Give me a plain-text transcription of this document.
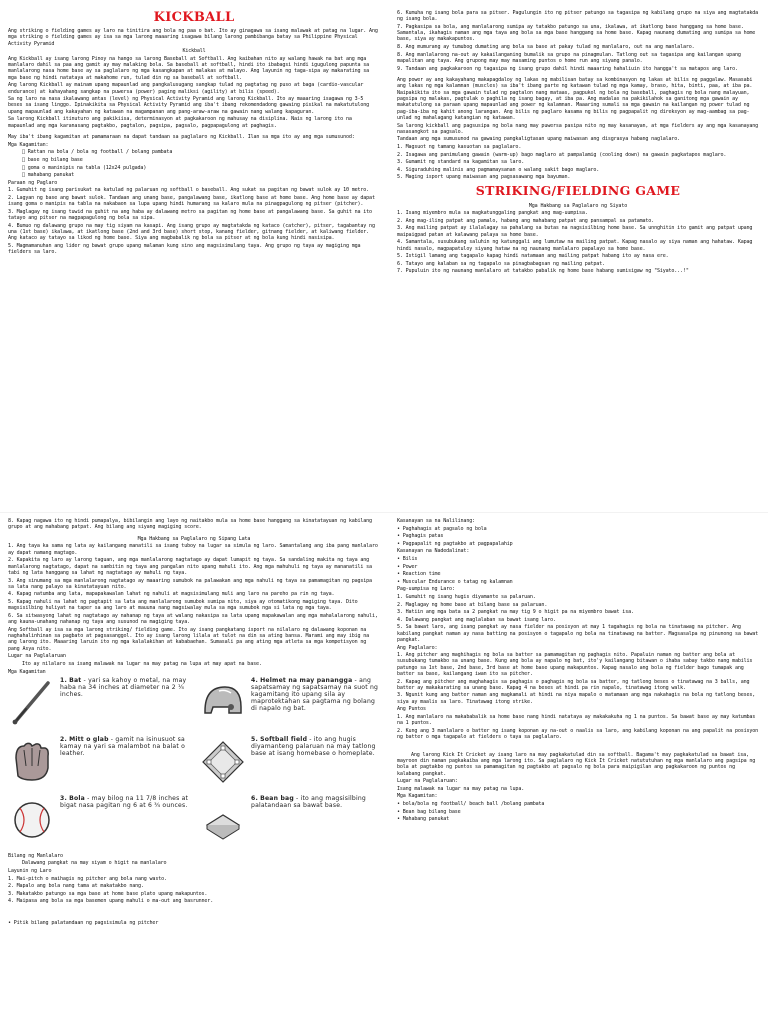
KICKBALL

Ang striking o fielding games ay laro na tinitira ang bola ng paa o bat. Ito ay ginagawa sa isang malawak at patag na lugar. Ang mga striking o fielding games ay isa sa mga larong maaaring isagawa bilang larong pambibanga batay sa Philippine Physical Activity Pyramid

Kickball

Ang Kickball ay isang larong Pinoy na hango sa larong Baseball at Softball. Ang kaibahan nito ay walang hawak na bat ang mga manlalaro dahil sa paa ang gamit ay may malaking bola. Sa baseball at softball, hindi ito ibabagsi hindi igugulong papunta sa manlalarong nasa home base ay sa paglalaro ng mga kasangkapan at malakas at malayo. Ang layunin ng taga-sipa ay makarating sa mga base ng hindi natataya at makahome run, tulad din ng sa baseball at softball.

Ang larong Kickball ay mainam upang mapaunlad ang pangkalusugang sangkap tulad ng pagtatag ng puso at baga (cardio-vascular endurance) at kahayahang sangkap na puwersa (power) paging maliksi (agility) at bilis (speed).

Sa ng laro na nasa ikalawang antas (level) ng Physical Activity Pyramid ang larong Kickball. Ito ay maaaring isagawa ng 3-5 beses sa isang linggo. Ipinakikita sa Physical Activity Pyramid ang iba't ibang rekomendadong gawaing pisikal na makatutulong upang mapaunlad ang kakayahan ng katawan na magampanan ang pang-araw-araw na gawain nang walang kapaguran.

Sa larong Kickball itinuturo ang pakikiisa, determinasyon at pagkakaroon ng mahusay na disiplina. Nais ng larong ito na mapaunlad ang mga karanasang pagtakbo, pagtalon, pagsipa, pagsalo, pagpapagulong at paghagis.

May iba't ibang kagamitan at pamamaraan na dapat tandaan sa paglalaro ng Kickball. Ilan sa mga ito ay ang mga sumusunod:

Mga Kagamitan:

Rattan na bola / bola ng football / bolang pambata

base ng bilang base

goma o maninipis na tabla (12x24 pulgada)

mahabang panukat

Paraan ng Paglaro

1. Gumuhit ng isang parisukat na katulad ng palaruan ng softball o baseball. Ang sukat sa pagitan ng bawat sulok ay 10 metro.

2. Lagyan ng base ang bawat sulok. Tandaan ang unang base, pangalawang base, ikatlong base at home base. Ang home base ay dapat isang goma o manipis na tabla na nakabaon sa lupa upang hindi humarang sa kalaro mula na pinagpagulong ng pitser (pitcher).

3. Maglagay ng isang tuwid na guhit na ang haba ay dalawang metro sa pagitan ng home base at pangalawang base. Sa guhit na ito tatayo ang pitser na magpapagulong ng bola sa sipa.

4. Bumuo ng dalawang grupo na may tig siyam na kasapi. Ang isang grupo ay magtatakda ng kataco (catcher), pitser, tagabantay ng una (1st base) ikalawa, at ikatlong base (2nd and 3rd base) short stop, kanang fielder, gitnang fielder, at kaliwang fielder. Ang kataco ay tatayo sa likod ng home base. Siya ang magbabalik ng bola sa pitser at ng bola kung hindi nasisipa.

5. Magmamanuhan ang lider ng bawat grupo upang malaman kung sino ang magsisimulang taya. Ang grupo ng taya ay magiging mga fielders sa laro.

6. Kumuha ng isang bola para sa pitser. Pagulungin ito ng pitser patungo sa tagasipa ng kabilang grupo na siya ang magtatakda ng isang bola.

7. Pagkasipa sa bola, ang manlalarong sumipa ay tatakbo patungo sa una, ikalawa, at ikatlong base hanggang sa home base. Samantala, ikahagis naman ang mga taya ang bola sa mga base hanggang sa home base. Kapag naunang dumating ang sumipa sa home base, siya ay makakapuntos.

8. Ang mumurang ay tumubog dumating ang bola sa base at pakay tulad ng manlalaro, out na ang manlalaro.

8. Ang manlalarong na-out ay kakailanganing bumalik sa grupo na pinagmulan. Tatlong out sa tagasipa ang kailangan upang mapalitan ang taya. Ang grupong may may masaming puntos o home run ang siyang panalo.

9. Tandaan ang pagkakaroon ng tagasipa ng isang grupo dahil hindi maaaring hahaliuin ito hangga't sa matapos ang laro.

Ang power ay ang kakayahang makapagdaloy ng lakas ng mabilisan batay sa kombinasyon ng lakas at bilis ng paggalaw. Masasabi ang lakas ng mga kalamnan (muscles) sa iba't ibang parte ng katawan tulad ng mga kamay, braso, hita, binti, paa, at iba pa. Naipakikita ito sa mga gawain tulad ng pagtalon nang mataas, pagpukol ng bola ng baseball, paghagis ng bola nang malayuan, pagsipa ng malakas, pagtulak o paghila ng isang bagay, at iba pa. Ang madalas na pakikilahok sa ganitong mga gawain ay makatutulong sa paraan upang mapaunlad ang power ng kalamnan. Maaaring sumali sa mga gawain na kailangan ng power tulad ng pag-iba-iba ng kahit anong larangan. Ang bilis ng paglaro kasama ng bilis ng pagpapalit ng direksyon ay mag-aambag sa pag-unlad ng mahalagang katangian ng katawan.

Sa larong kickball ang pagsusipa ng bola nang may puwersa pasipa nito ng may kasanayan, at mga fielders ay ang mga kasanayang nasasangkot sa pagsalo.

Tandaan ang mga sumusunod na gawaing pangkaligtasan upang maiwasan ang disgrasya habang naglalaro.

1. Magsuot ng tamang kasuotan sa paglalaro.

2. Isagawa ang panimulang gawain (warm-up) bago maglaro at pampalamig (cooling down) na gawain pagkatapos maglaro.

3. Gumamit ng standard na kagamitan sa laro.

4. Siguraduhing malinis ang pagmamaysanan o walang sakit bago maglaro.

5. Maging isport upang maiwasan ang pagsasawang mga bayuman.

STRIKING/FIELDING GAME

Mga Hakbang sa Paglalaro ng Siyato

1. Isang miyembro mula sa magkatunggaling pangkat ang mag-uumpisa.

2. Ang mag-iling patpat ang pamalo, habang ang mahabang patpat ang pansampal sa patamato.

3. Ang mailing patpat ay ilalalagay sa pahalang sa butas na nagsisilbing home base. Sa unnghitin ito gamit ang patpat upang maipaigpad patan at kalawang palaya sa home base.

4. Samantala, susubukang saluhin ng katunggali ang lumutaw na mailing patpat. Kapag nasalo ay siya naman ang hahataw. Kapag hindi nasalo, magpapatuloy siyang hataw na ng naunang manlalaro papalayo sa home base.

5. Istigil lamang ang tagapalo kapag hindi natamaan ang mailing patpat habang ito ay nasa ere.

6. Tatayo ang kalaban sa ng tagapalo sa pinagbabagsan ng mailing patpat.

7. Pupuluin ito ng naunang manlalaro at tatakbo pabalik ng home base habang sumisigaw ng "Siyato...!"

8. Kapag nagawa ito ng hindi pumapalya, bibilangin ang layo ng naitakbo mula sa home base hanggang sa kinatatayuan ng kabilang grupo at ang mahabang patpat. Ang bilang ang siyang magiging score.

Mga Hakbang sa Paglalaro ng Sipang Lata

1. Ang taya ka sama ng lata ay kailangang manatili sa isang tuboy na lugar sa simula ng laro. Samantalang ang iba pang manlalaro ay dapat namang magtago.

2. Kapakita ng laro ay larong taguan, ang mga manlalarong nagtatago ay dapat lumapit ng taya. Sa sandaling makita ng taya ang manlalarong nagtatago, dapat na sambitin ng taya ang pangalan nito upang mahuli ito. Ang mga mahuhuli ng taya ay mananatili sa tabi ng lata hanggang sa lahat ng nagtatago ay mahuli ng taya.

3. Ang sinumang sa mga manlalarong nagtatago ay maaaring sumubok na palawakan ang mga nahuli ng taya sa pamamagitan ng pagsipa sa lata nang palayo sa kinatatayuan nito.

4. Kapag natumba ang lata, mapapakawalan lahat ng nahuli at magsisimulang muli ang laro na pareho pa rin ng taya.

5. Kapag nahuli na lahat ng pagtapit sa lata ang manlalarong sumubok sumipa nito, siya ay otomatikong magiging taya. Dito magsisilbing huliyat na taper sa ang laro at mauuna nang magsiwalay mula sa mga sumubok nga si lata ng mga taya.

6. Sa sitwasyong lahat ng nagtatago ay nahanap ng taya at walang nakasipa sa lata upang mapakawalan ang mga mahalalarong nahuli, ang kauna-unahang nahanap ng taya ang susunod na magiging taya.

Ang Softball ay isa sa mga larong striking/ fielding game. Ito ay isang pangkatang isport na nilalaro ng dalawang koponan na naghahalinhinan sa pagbato at pagsasanggol. Ito ay isang larong lilala at tulot na din sa ating bansa. Marami ang may ibig na ang larong ito. Maaaring laruin ito ng mga kalalakihan at kababaehan. Sumasali pa ang ating mga atleta sa mga kompetisyon ng pang Asya nito.

Lugar na Paglalaruan

Ito ay nilalaro sa isang malawak na lugar na may patag na lupa at may apat na base.

Mga Kagamitan

1. Bat - yari sa kahoy o metal, na may haba na 34 inches at diameter na 2 ¼ inches.
4. Helmet na may panangga - ang sapatsamay ng sapatsamay na suot ng kagamitang ito upang sila ay maprotektahan sa pagtama ng bolang di napalo ng bat.
2. Mitt o glab - gamit na isinusuot sa kamay na yari sa malambot na balat o leather.
5. Softball field - ito ang hugis diyamanteng palaruan na may tatlong base at isang homebase o homeplate.
3. Bola - may bilog na 11 7/8 inches at bigat nasa pagitan ng 6 at 6 ¾ ounces.
6. Bean bag - ito ang magsisilbing palatandaan sa bawat base.

Bilang ng Manlalaro

Dalawang pangkat na may siyam o higit na manlalaro

Layunin ng Laro

1. Mai-pitch o maihagis ng pitcher ang bola nang wasto.

2. Mapalo ang bola nang tama at makatakbo nang.

3. Makatakbo patungo sa mga base at home base plato upang makapuntos.

4. Maipasa ang bola sa mga basemen upang mahuli o ma-out ang basrunner.

• Pitik bilang palatandaan ng pagsisimula ng pitcher

Kasanayan sa na Nalilinang:

• Paghahagis at pagsalo ng bola

• Paghagis patas

• Pagpapalit ng pagtakbo at pagpapalahip

Kasanayan na Nadedalinat:

• Bilis

• Power

• Reaction time

• Muscular Endurance o tatag ng kalamnan

Pag-uumpisa ng Laro:

1. Gumuhit ng isang hugis diyamante sa palaruan.

2. Maglagay ng home base at bilang base sa palaruan.

3. Hatiin ang mga bata sa 2 pangkat na may tig 9 o higit pa na miyembro bawat isa.

4. Dalawang pangkat ang maglalaban sa bawat isang laro.

5. Sa bawat laro, ang isang pangkat ay nasa fielder na posisyon at may 1 tagahagis ng bola na tinatawag na pitcher. Ang kabilang pangkat naman ay nasa batting na posisyon o tagapalo ng bola na tinatawag na batter. Magsasalpa ng pinunong sa bawat pangkat.

Ang Paglalaro:

1. Ang pitcher ang maghihagis ng bola sa batter sa pamamagitan ng paghagis nito. Papaluin naman ng batter ang bola at susubukang tumakbo sa unang base. Kung ang bola ay napalo ng bat, ito'y kailangang bitawan o ihaba sabay takbo nang mabilis patungo sa 1st base, 2nd base, 3rd base at home base upang makapuntos. Kapag nasalo ang bola ng fielder bago tumapak ang batter sa base, kailangang iwan ito sa pitcher.

2. Kapag ang pitcher ang maghahagis sa paghagis o paghagis ng bola sa batter, ng tatlong beses o tinatawag na 3 balls, ang batter ay makakarating sa unang base. Kapag 4 na beses at hindi pa rin napalo, tinatawag itong walk.

3. Ngunit kung ang batter naman ang magkamali at hindi na niya mapalo o matamaan ang mga nakahagis na bola ng tatlong beses, siya ay maalis sa laro. Tinatawag itong strike.

Ang Puntos

1. Ang manlalaro na makababalik sa home base nang hindi natataya ay makakakuha ng 1 na puntos. Sa bawat base ay may katumbas na 1 puntos.

2. Kung ang 3 manlalaro o batter ng isang koponan ay na-out o naalis sa laro, ang kabilang koponan na ang papalit na posisyon ng batter o mga tagapalo at fielders o taya sa paglalaro.

Ang larong Kick It Cricket ay isang laro na may pagkakatulad din sa softball. Bagama't may pagkakatulad sa bawat isa, mayroon din naman pagkakaiba ang mga larong ito. Sa paglalaro ng Kick It Cricket natututuhan ng mga manlalaro ang pagsipa ng bola at pagtakbo ng puntos sa pamamagitan ng pagtakbo at pagsalo ng bola para maipigilan ang pagkakaroon ng puntos ng kalabang pangkat.

Lugar na Paglalaruan:

Isang malawak na lugar na may patag na lupa.

Mga Kagamitan:

• bola/bola ng football/ beach ball /bolang pambata

• Bean bag bilang base

• Mahabang panukat
